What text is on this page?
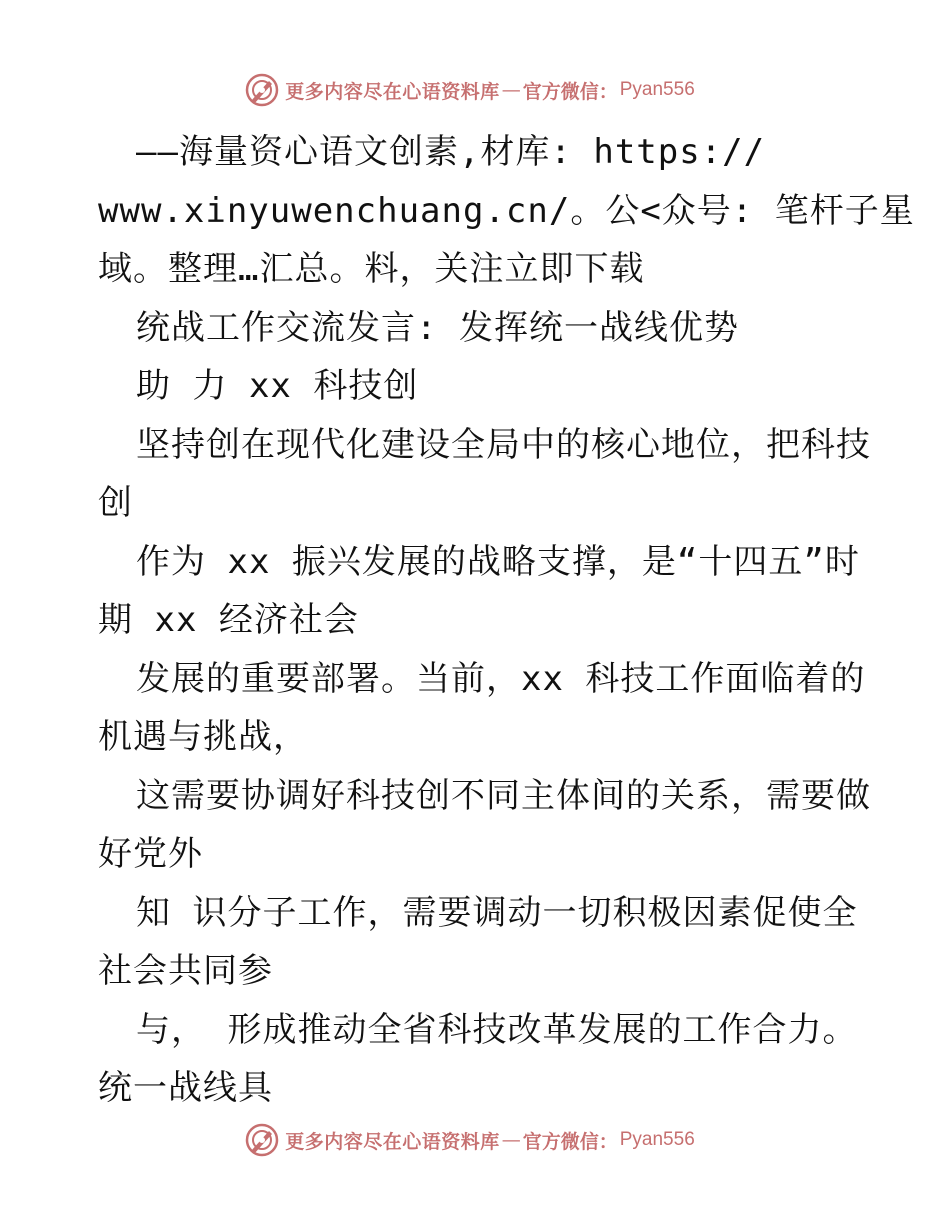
更多内容尽在心语资料库 — 官方微信： Pyan556
——海量资心语文创素,材库: https://
www.xinyuwenchuang.cn/。公<众号: 笔杆子星
域。整理…汇总。料，关注立即下载
统战工作交流发言: 发挥统一战线优势
助 力 xx 科技创
坚持创在现代化建设全局中的核心地位，把科技
创
作为 xx 振兴发展的战略支撑，是“十四五”时
期 xx 经济社会
发展的重要部署。当前，xx 科技工作面临着的
机遇与挑战，
这需要协调好科技创不同主体间的关系，需要做
好党外
知 识分子工作，需要调动一切积极因素促使全
社会共同参
与， 形成推动全省科技改革发展的工作合力。
统一战线具
更多内容尽在心语资料库 — 官方微信： Pyan556
